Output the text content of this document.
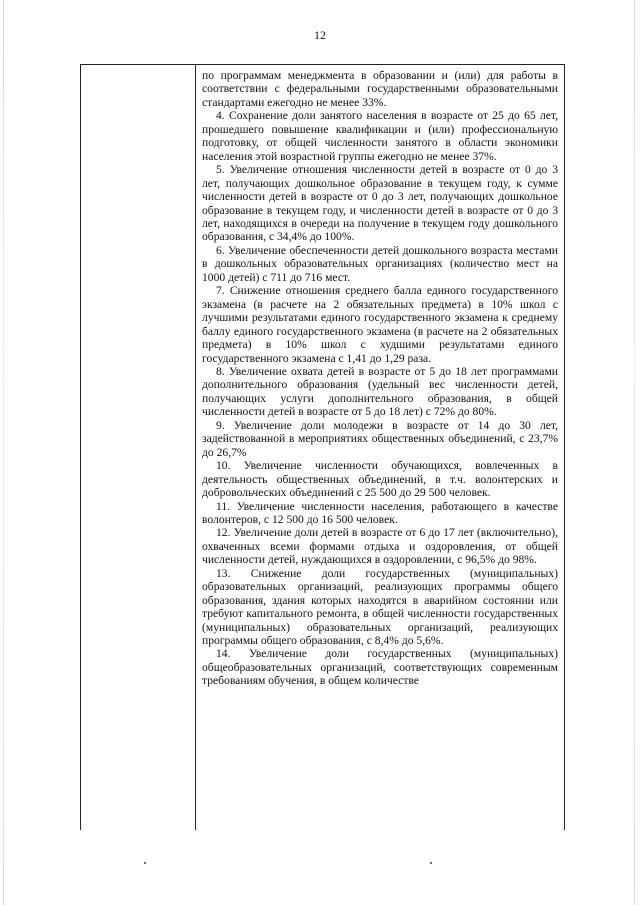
12

по программам менеджмента в образовании и (или) для работы в соответствии с федеральными государственными образовательными стандартами ежегодно не менее 33%.

4. Сохранение доли занятого населения в возрасте от 25 до 65 лет, прошедшего повышение квалификации и (или) профессиональную подготовку, от общей численности занятого в области экономики населения этой возрастной группы ежегодно не менее 37%.

5. Увеличение отношения численности детей в возрасте от 0 до 3 лет, получающих дошкольное образование в текущем году, к сумме численности детей в возрасте от 0 до 3 лет, получающих дошкольное образование в текущем году, и численности детей в возрасте от 0 до 3 лет, находящихся в очереди на получение в текущем году дошкольного образования, с 34,4% до 100%.

6. Увеличение обеспеченности детей дошкольного возраста местами в дошкольных образовательных организациях (количество мест на 1000 детей) с 711 до 716 мест.

7. Снижение отношения среднего балла единого государственного экзамена (в расчете на 2 обязательных предмета) в 10% школ с лучшими результатами единого государственного экзамена к среднему баллу единого государственного экзамена (в расчете на 2 обязательных предмета) в 10% школ с худшими результатами единого государственного экзамена с 1,41 до 1,29 раза.

8. Увеличение охвата детей в возрасте от 5 до 18 лет программами дополнительного образования (удельный вес численности детей, получающих услуги дополнительного образования, в общей численности детей в возрасте от 5 до 18 лет) с 72% до 80%.

9. Увеличение доли молодежи в возрасте от 14 до 30 лет, задействованной в мероприятиях общественных объединений, с 23,7% до 26,7%

10. Увеличение численности обучающихся, вовлеченных в деятельность общественных объединений, в т.ч. волонтерских и добровольческих объединений с 25 500 до 29 500 человек.

11. Увеличение численности населения, работающего в качестве волонтеров, с 12 500 до 16 500 человек.

12. Увеличение доли детей в возрасте от 6 до 17 лет (включительно), охваченных всеми формами отдыха и оздоровления, от общей численности детей, нуждающихся в оздоровлении, с 96,5% до 98%.

13. Снижение доли государственных (муниципальных) образовательных организаций, реализующих программы общего образования, здания которых находятся в аварийном состоянии или требуют капитального ремонта, в общей численности государственных (муниципальных) образовательных организаций, реализующих программы общего образования, с 8,4% до 5,6%.

14. Увеличение доли государственных (муниципальных) общеобразовательных организаций, соответствующих современным требованиям обучения, в общем количестве
